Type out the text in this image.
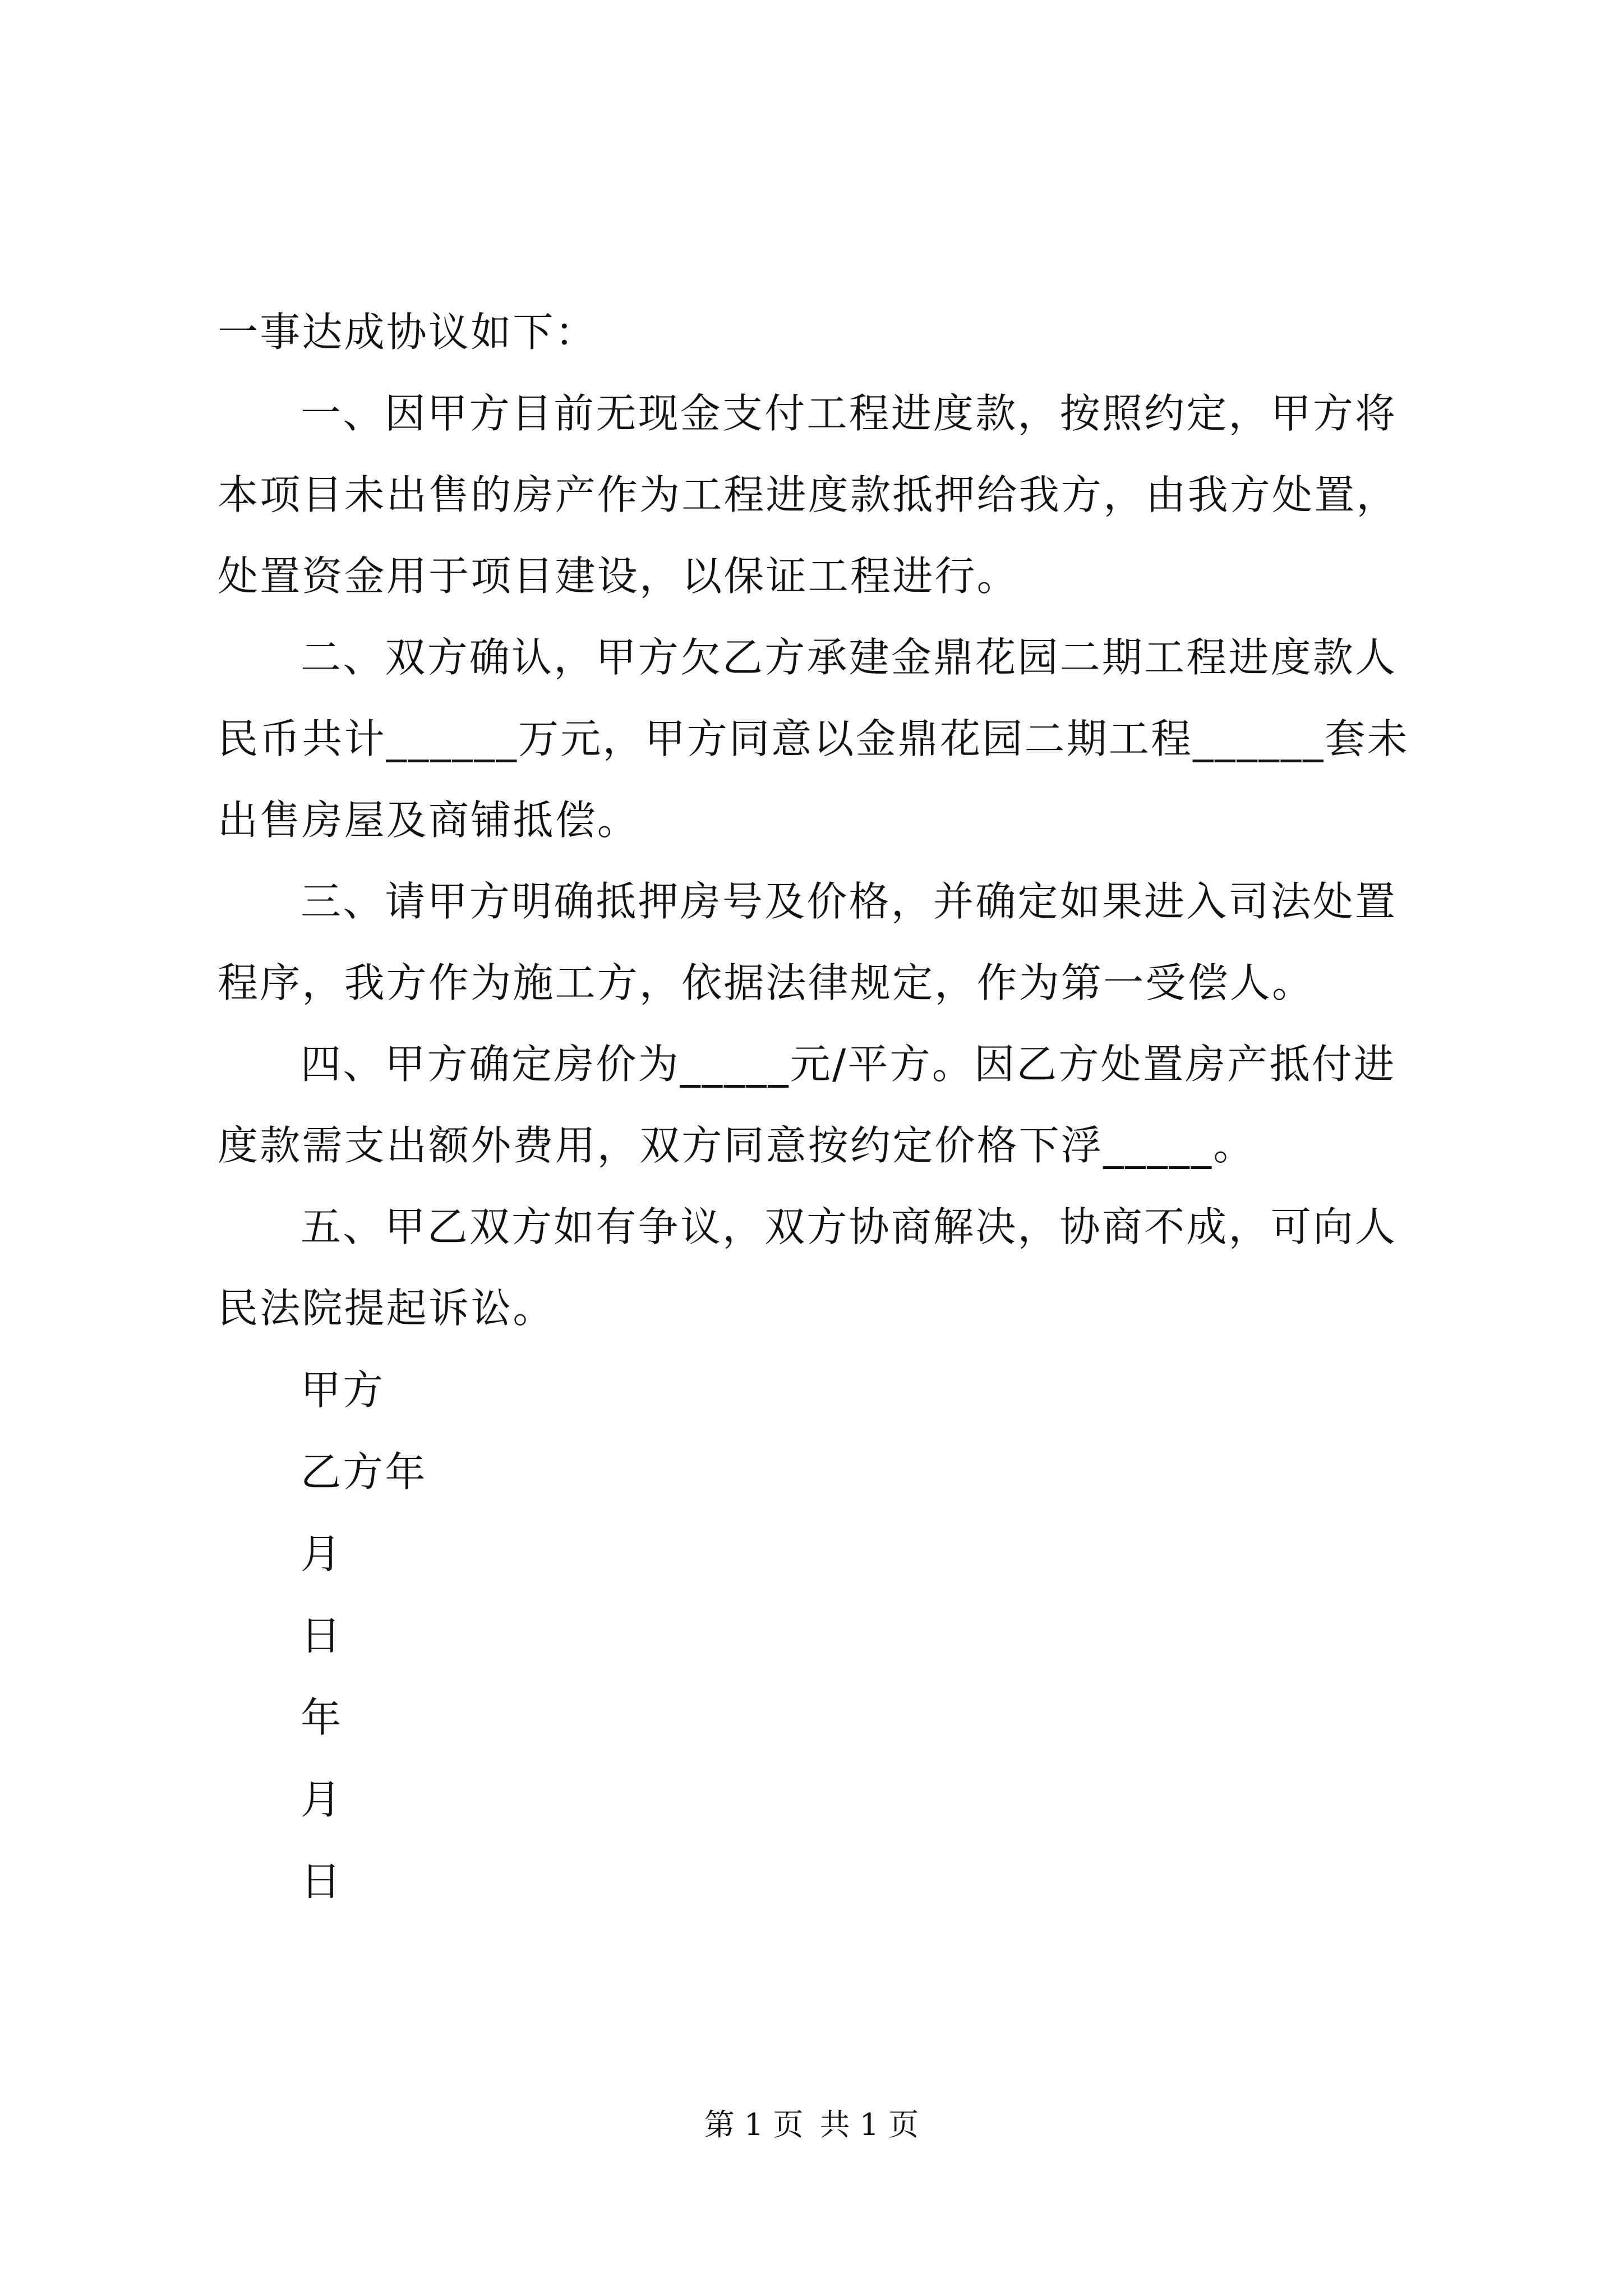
一事达成协议如下：

一、因甲方目前无现金支付工程进度款，按照约定，甲方将

本项目未出售的房产作为工程进度款抵押给我方，由我方处置，

处置资金用于项目建设，以保证工程进行。

二、双方确认，甲方欠乙方承建金鼎花园二期工程进度款人

民币共计______万元，甲方同意以金鼎花园二期工程______套未

出售房屋及商铺抵偿。

三、请甲方明确抵押房号及价格，并确定如果进入司法处置

程序，我方作为施工方，依据法律规定，作为第一受偿人。

四、甲方确定房价为_____元/平方。因乙方处置房产抵付进

度款需支出额外费用，双方同意按约定价格下浮_____。

五、甲乙双方如有争议，双方协商解决，协商不成，可向人

民法院提起诉讼。

甲方

乙方年

月

日

年

月

日

第 1 页 共 1 页
